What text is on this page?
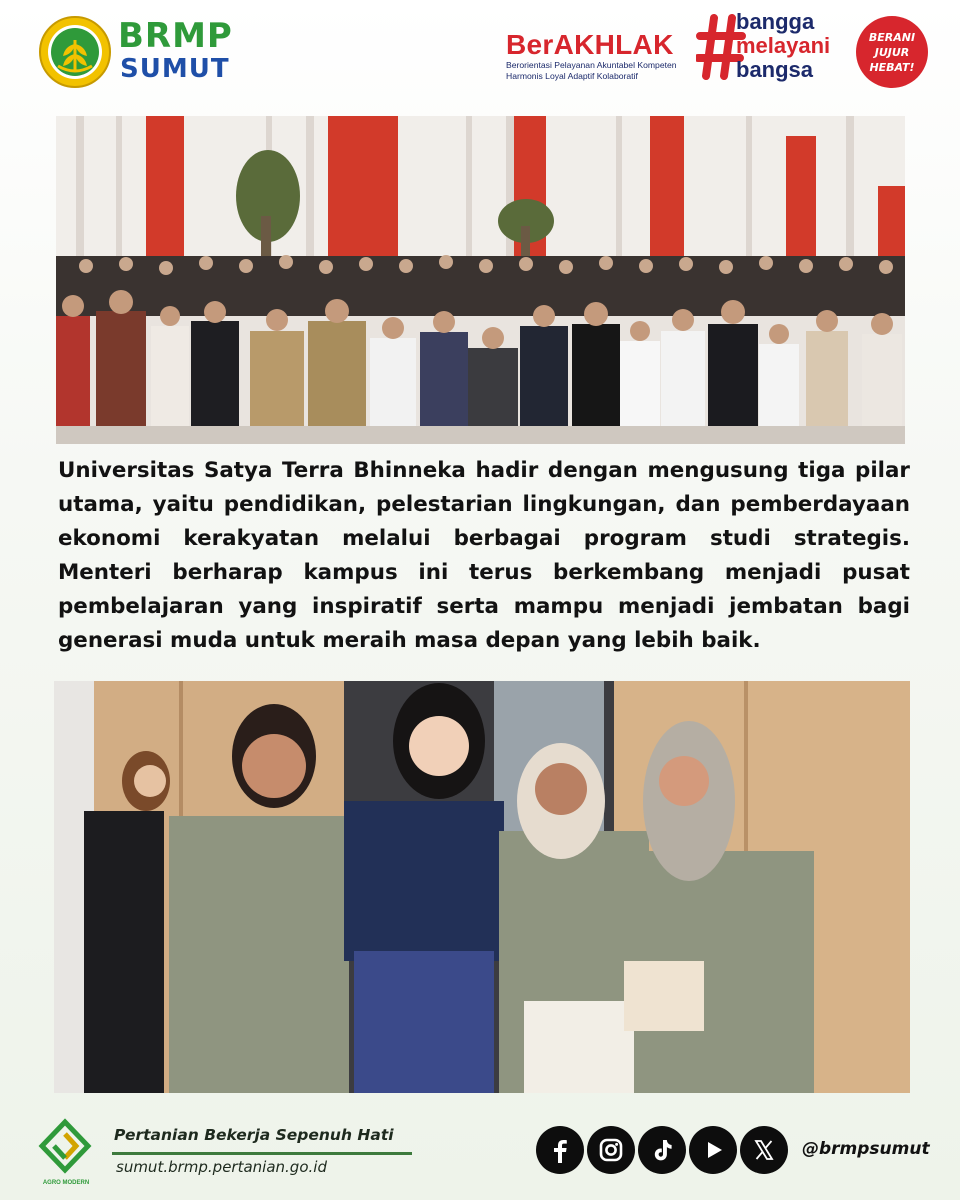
BRMP
SUMUT
BerAKHLAK
Berorientasi Pelayanan Akuntabel Kompeten
Harmonis Loyal Adaptif Kolaboratif
bangga
melayani
bangsa
BERANI
JUJUR
HEBAT!

Universitas Satya Terra Bhinneka hadir dengan mengusung tiga pilar utama, yaitu pendidikan, pelestarian lingkungan, dan pemberdayaan ekonomi kerakyatan melalui berbagai program studi strategis. Menteri berharap kampus ini terus berkembang menjadi pusat pembelajaran yang inspiratif serta mampu menjadi jembatan bagi generasi muda untuk meraih masa depan yang lebih baik.

AGRO MODERN
Pertanian Bekerja Sepenuh Hati
sumut.brmp.pertanian.go.id
@brmpsumut
